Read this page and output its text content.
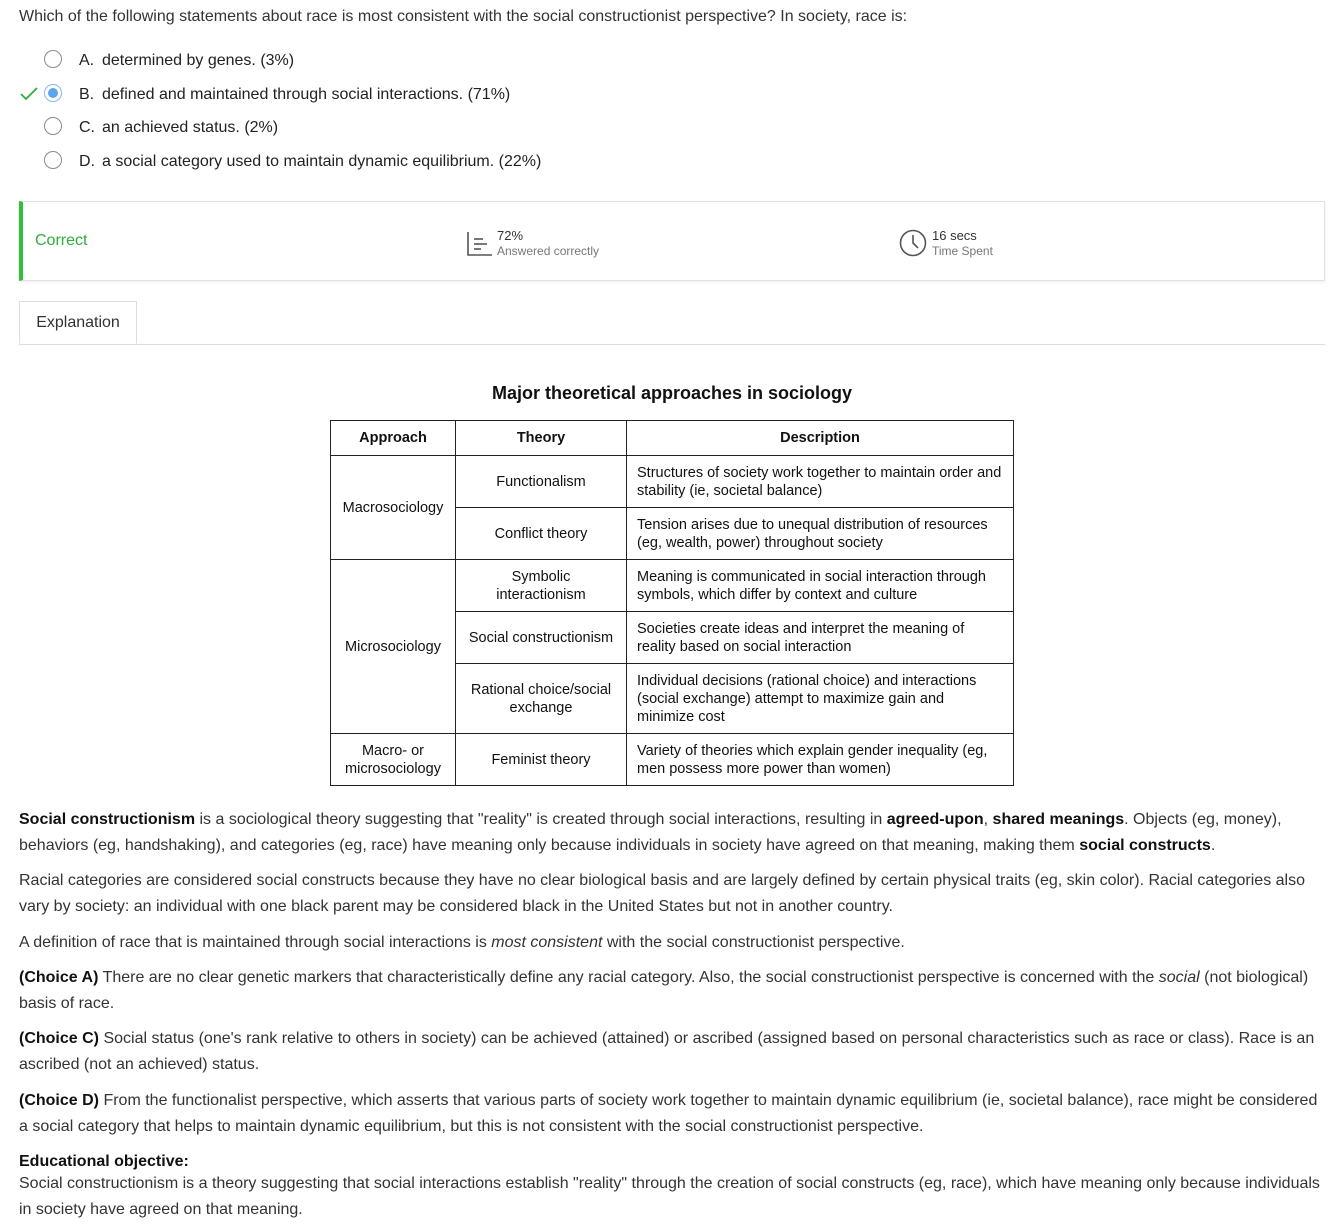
Which of the following statements about race is most consistent with the social constructionist perspective? In society, race is:
A. determined by genes. (3%)
B. defined and maintained through social interactions. (71%)
C. an achieved status. (2%)
D. a social category used to maintain dynamic equilibrium. (22%)
Correct	72%
Answered correctly
16 secs
Time Spent
Explanation
Major theoretical approaches in sociology
Approach	Theory	Description
Macrosociology	Functionalism	Structures of society work together to maintain order and stability (ie, societal balance)
	Conflict theory	Tension arises due to unequal distribution of resources (eg, wealth, power) throughout society
Microsociology	Symbolic interactionism	Meaning is communicated in social interaction through symbols, which differ by context and culture
	Social constructionism	Societies create ideas and interpret the meaning of reality based on social interaction
	Rational choice/social exchange	Individual decisions (rational choice) and interactions (social exchange) attempt to maximize gain and minimize cost
Macro- or microsociology	Feminist theory	Variety of theories which explain gender inequality (eg, men possess more power than women)
Social constructionism is a sociological theory suggesting that "reality" is created through social interactions, resulting in agreed-upon, shared meanings. Objects (eg, money), behaviors (eg, handshaking), and categories (eg, race) have meaning only because individuals in society have agreed on that meaning, making them social constructs.
Racial categories are considered social constructs because they have no clear biological basis and are largely defined by certain physical traits (eg, skin color). Racial categories also vary by society: an individual with one black parent may be considered black in the United States but not in another country.
A definition of race that is maintained through social interactions is most consistent with the social constructionist perspective.
(Choice A) There are no clear genetic markers that characteristically define any racial category. Also, the social constructionist perspective is concerned with the social (not biological) basis of race.
(Choice C) Social status (one's rank relative to others in society) can be achieved (attained) or ascribed (assigned based on personal characteristics such as race or class). Race is an ascribed (not an achieved) status.
(Choice D) From the functionalist perspective, which asserts that various parts of society work together to maintain dynamic equilibrium (ie, societal balance), race might be considered a social category that helps to maintain dynamic equilibrium, but this is not consistent with the social constructionist perspective.
Educational objective:
Social constructionism is a theory suggesting that social interactions establish "reality" through the creation of social constructs (eg, race), which have meaning only because individuals in society have agreed on that meaning.
